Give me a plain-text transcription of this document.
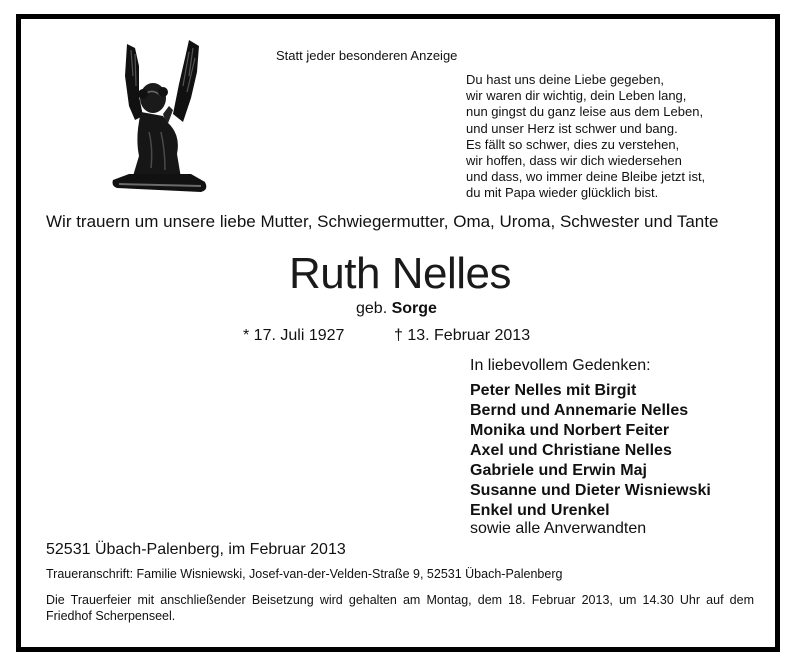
Statt jeder besonderen Anzeige
Du hast uns deine Liebe gegeben,
wir waren dir wichtig, dein Leben lang,
nun gingst du ganz leise aus dem Leben,
und unser Herz ist schwer und bang.
Es fällt so schwer, dies zu verstehen,
wir hoffen, dass wir dich wiedersehen
und dass, wo immer deine Bleibe jetzt ist,
du mit Papa wieder glücklich bist.
Wir trauern um unsere liebe Mutter, Schwiegermutter, Oma, Uroma, Schwester und Tante
Ruth Nelles
geb. Sorge
* 17. Juli 1927	† 13. Februar 2013
In liebevollem Gedenken:
Peter Nelles mit Birgit
Bernd und Annemarie Nelles
Monika und Norbert Feiter
Axel und Christiane Nelles
Gabriele und Erwin Maj
Susanne und Dieter Wisniewski
Enkel und Urenkel
sowie alle Anverwandten
52531 Übach-Palenberg, im Februar 2013
Traueranschrift: Familie Wisniewski, Josef-van-der-Velden-Straße 9, 52531 Übach-Palenberg
Die Trauerfeier mit anschließender Beisetzung wird gehalten am Montag, dem 18. Februar 2013, um 14.30 Uhr auf dem Friedhof Scherpenseel.
